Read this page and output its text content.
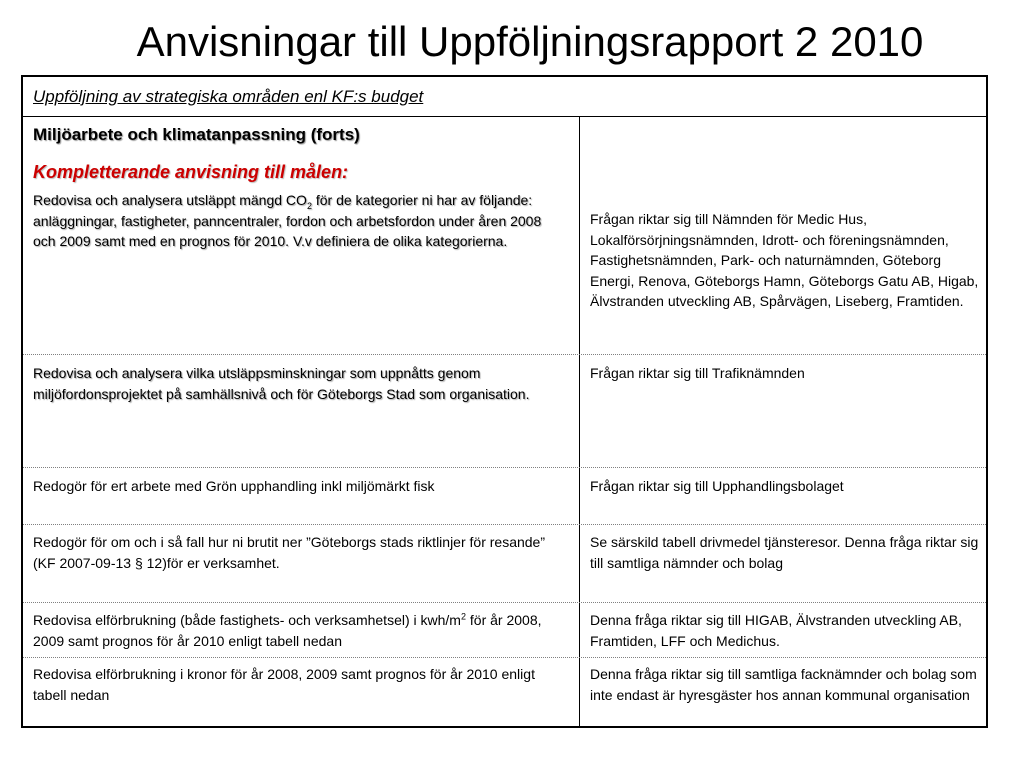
Anvisningar till Uppföljningsrapport 2 2010
Uppföljning av strategiska områden enl KF:s budget
Miljöarbete och klimatanpassning (forts)
Kompletterande anvisning till målen:
Redovisa och analysera utsläppt mängd $CO_2$ för de kategorier ni har av följande: anläggningar, fastigheter, panncentraler, fordon och arbetsfordon under åren 2008 och 2009 samt med en prognos för 2010. V.v definiera de olika kategorierna.
Frågan riktar sig till Nämnden för Medic Hus, Lokalförsörjningsnämnden, Idrott- och föreningsnämnden, Fastighetsnämnden, Park- och naturnämnden, Göteborg Energi, Renova, Göteborgs Hamn, Göteborgs Gatu AB, Higab, Älvstranden utveckling AB, Spårvägen, Liseberg, Framtiden.
Redovisa och analysera vilka utsläppsminskningar som uppnåtts genom miljöfordonsprojektet på samhällsnivå och för Göteborgs Stad som organisation.
Frågan riktar sig till Trafiknämnden
Redogör för ert arbete med Grön upphandling inkl miljömärkt fisk	Frågan riktar sig till Upphandlingsbolaget
Redogör för om och i så fall hur ni brutit ner ”Göteborgs stads riktlinjer för resande” (KF 2007-09-13 § 12)för er verksamhet.
Se särskild tabell drivmedel tjänsteresor. Denna fråga riktar sig till samtliga nämnder och bolag
Redovisa elförbrukning (både fastighets- och verksamhetsel) i kwh/$m^2$ för år 2008, 2009 samt prognos för år 2010 enligt tabell nedan
Denna fråga riktar sig till HIGAB, Älvstranden utveckling AB, Framtiden, LFF och Medichus.
Redovisa elförbrukning i kronor för år 2008, 2009 samt prognos för år 2010 enligt tabell nedan
Denna fråga riktar sig till samtliga facknämnder och bolag som inte endast är hyresgäster hos annan kommunal organisation
